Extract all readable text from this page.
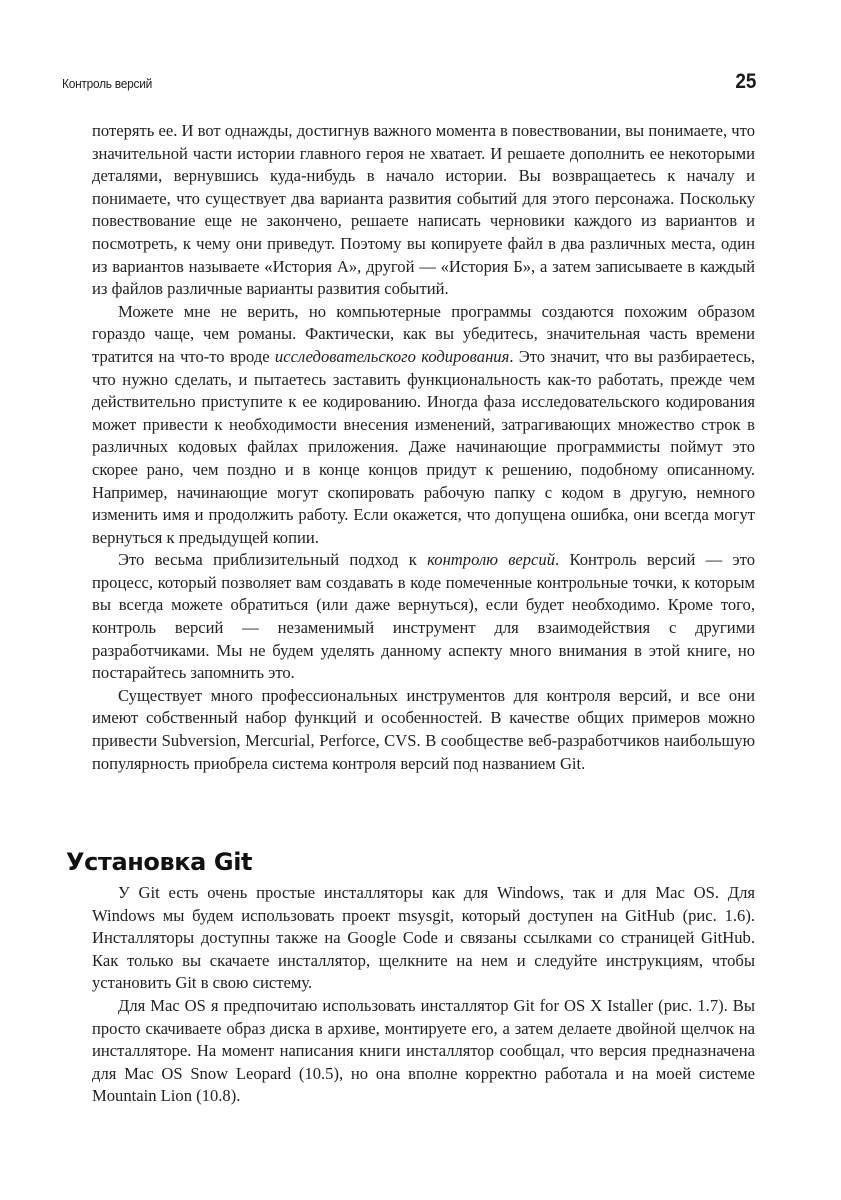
Контроль версий	25

потерять ее. И вот однажды, достигнув важного момента в повествовании, вы понимаете, что значительной части истории главного героя не хватает. И решаете дополнить ее некоторыми деталями, вернувшись куда-нибудь в начало истории. Вы возвращаетесь к началу и понимаете, что существует два варианта развития событий для этого персонажа. Поскольку повествование еще не закончено, решаете написать черновики каждого из вариантов и посмотреть, к чему они приведут. Поэтому вы копируете файл в два различных места, один из вариантов называете «История А», другой — «История Б», а затем записываете в каждый из файлов различные варианты развития событий.

Можете мне не верить, но компьютерные программы создаются похожим образом гораздо чаще, чем романы. Фактически, как вы убедитесь, значительная часть времени тратится на что-то вроде исследовательского кодирования. Это значит, что вы разбираетесь, что нужно сделать, и пытаетесь заставить функциональность как-то работать, прежде чем действительно приступите к ее кодированию. Иногда фаза исследовательского кодирования может привести к необходимости внесения изменений, затрагивающих множество строк в различных кодовых файлах приложения. Даже начинающие программисты поймут это скорее рано, чем поздно и в конце концов придут к решению, подобному описанному. Например, начинающие могут скопировать рабочую папку с кодом в другую, немного изменить имя и продолжить работу. Если окажется, что допущена ошибка, они всегда могут вернуться к предыдущей копии.

Это весьма приблизительный подход к контролю версий. Контроль версий — это процесс, который позволяет вам создавать в коде помеченные контрольные точки, к которым вы всегда можете обратиться (или даже вернуться), если будет необходимо. Кроме того, контроль версий — незаменимый инструмент для взаимодействия с другими разработчиками. Мы не будем уделять данному аспекту много внимания в этой книге, но постарайтесь запомнить это.

Существует много профессиональных инструментов для контроля версий, и все они имеют собственный набор функций и особенностей. В качестве общих примеров можно привести Subversion, Mercurial, Perforce, CVS. В сообществе веб-разработчиков наибольшую популярность приобрела система контроля версий под названием Git.

Установка Git

У Git есть очень простые инсталляторы как для Windows, так и для Mac OS. Для Windows мы будем использовать проект msysgit, который доступен на GitHub (рис. 1.6). Инсталляторы доступны также на Google Code и связаны ссылками со страницей GitHub. Как только вы скачаете инсталлятор, щелкните на нем и следуйте инструкциям, чтобы установить Git в свою систему.

Для Mac OS я предпочитаю использовать инсталлятор Git for OS X Istaller (рис. 1.7). Вы просто скачиваете образ диска в архиве, монтируете его, а затем делаете двойной щелчок на инсталляторе. На момент написания книги инсталлятор сообщал, что версия предназначена для Mac OS Snow Leopard (10.5), но она вполне корректно работала и на моей системе Mountain Lion (10.8).
